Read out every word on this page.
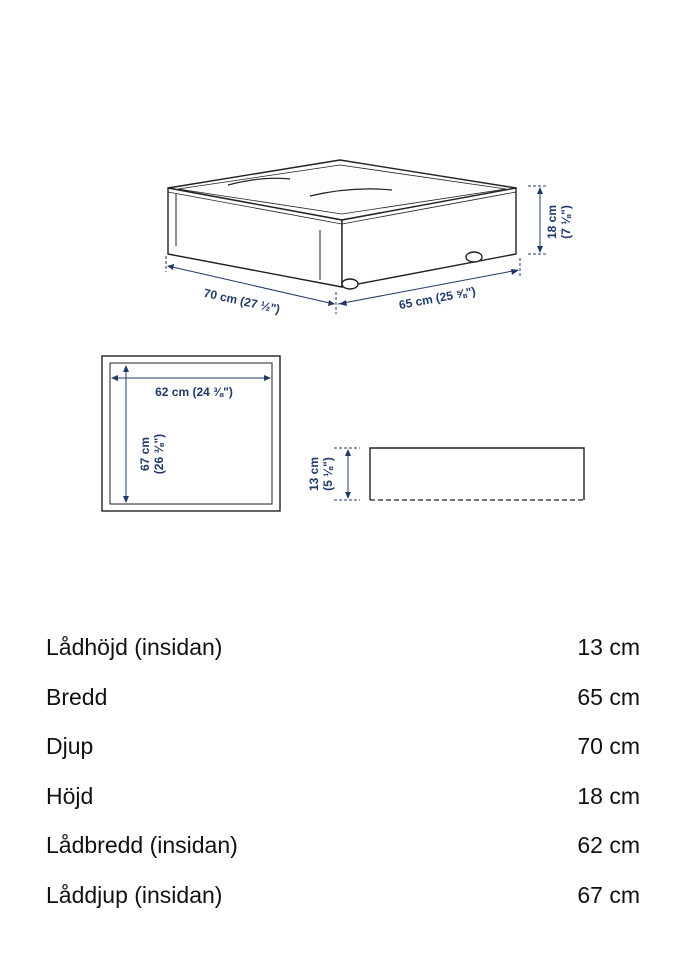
18 cm (7 ⅛")
70 cm (27 ½")	65 cm (25 ⅝")
62 cm (24 ⅜")
67 cm (26 ⅜")	13 cm (5 ⅛")
Lådhöjd (insidan)	13 cm
Bredd	65 cm
Djup	70 cm
Höjd	18 cm
Lådbredd (insidan)	62 cm
Låddjup (insidan)	67 cm
